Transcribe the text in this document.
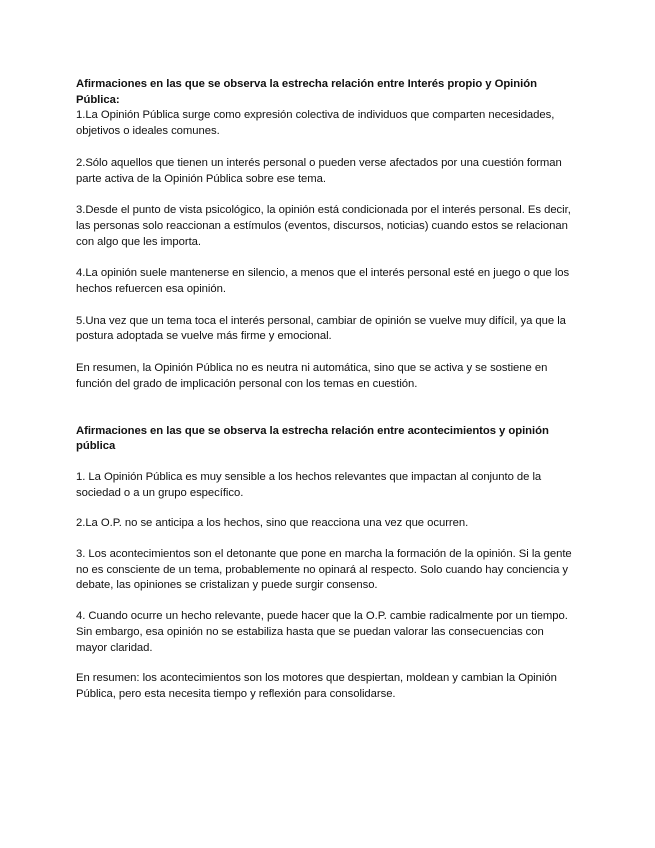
Afirmaciones en las que se observa la estrecha relación entre Interés propio y Opinión Pública:

1.La Opinión Pública surge como expresión colectiva de individuos que comparten necesidades, objetivos o ideales comunes.

2.Sólo aquellos que tienen un interés personal o pueden verse afectados por una cuestión forman parte activa de la Opinión Pública sobre ese tema.

3.Desde el punto de vista psicológico, la opinión está condicionada por el interés personal. Es decir, las personas solo reaccionan a estímulos (eventos, discursos, noticias) cuando estos se relacionan con algo que les importa.

4.La opinión suele mantenerse en silencio, a menos que el interés personal esté en juego o que los hechos refuercen esa opinión.

5.Una vez que un tema toca el interés personal, cambiar de opinión se vuelve muy difícil, ya que la postura adoptada se vuelve más firme y emocional.

En resumen, la Opinión Pública no es neutra ni automática, sino que se activa y se sostiene en función del grado de implicación personal con los temas en cuestión.

Afirmaciones en las que se observa la estrecha relación entre acontecimientos y opinión pública

1. La Opinión Pública es muy sensible a los hechos relevantes que impactan al conjunto de la sociedad o a un grupo específico.

2.La O.P. no se anticipa a los hechos, sino que reacciona una vez que ocurren.

3. Los acontecimientos son el detonante que pone en marcha la formación de la opinión. Si la gente no es consciente de un tema, probablemente no opinará al respecto. Solo cuando hay conciencia y debate, las opiniones se cristalizan y puede surgir consenso.

4. Cuando ocurre un hecho relevante, puede hacer que la O.P. cambie radicalmente por un tiempo. Sin embargo, esa opinión no se estabiliza hasta que se puedan valorar las consecuencias con mayor claridad.

En resumen: los acontecimientos son los motores que despiertan, moldean y cambian la Opinión Pública, pero esta necesita tiempo y reflexión para consolidarse.
